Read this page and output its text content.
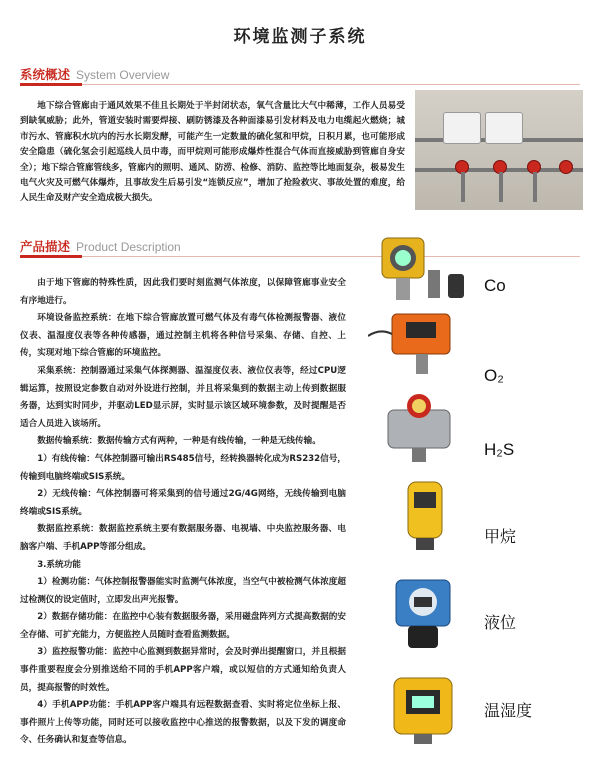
环境监测子系统
系统概述 System Overview
地下综合管廊由于通风效果不佳且长期处于半封闭状态，氧气含量比大气中稀薄，工作人员易受到缺氧威胁；此外，管道安装时需要焊接、刷防锈漆及各种面漆易引发材料及电力电缆起火燃烧；城市污水、管廊积水坑内的污水长期发酵，可能产生一定数量的硫化氢和甲烷，日积月累，也可能形成安全隐患（硫化氢会引起巡线人员中毒，而甲烷则可能形成爆炸性混合气体而直接威胁到管廊自身安全）；地下综合管廊管线多，管廊内的照明、通风、防涝、检修、消防、监控等比地面复杂，极易发生电气火灾及可燃气体爆炸，且事故发生后易引发“连锁反应”，增加了抢险救灾、事故处置的难度，给人民生命及财产安全造成极大损失。
产品描述 Product Description

由于地下管廊的特殊性质，因此我们要时刻监测气体浓度，以保障管廊事业安全有序地进行。

环境设备监控系统：在地下综合管廊放置可燃气体及有毒气体检测报警器、液位仪表、温湿度仪表等各种传感器，通过控制主机将各种信号采集、存储、自控、上传，实现对地下综合管廊的环境监控。

采集系统：控制器通过采集气体探测器、温湿度仪表、液位仪表等，经过CPU逻辑运算，按照设定参数自动对外设进行控制，并且将采集到的数据主动上传到数据服务器，达到实时同步，并驱动LED显示屏，实时显示该区域环境参数，及时提醒是否适合人员进入该场所。

数据传输系统：数据传输方式有两种，一种是有线传输，一种是无线传输。

1）有线传输：气体控制器可输出RS485信号，经转换器转化成为RS232信号，传输到电脑终端或SIS系统。

2）无线传输：气体控制器可将采集到的信号通过2G/4G网络，无线传输到电脑终端或SIS系统。

数据监控系统：数据监控系统主要有数据服务器、电视墙、中央监控服务器、电脑客户端、手机APP等部分组成。

3.系统功能

1）检测功能：气体控制报警器能实时监测气体浓度，当空气中被检测气体浓度超过检测仪的设定值时，立即发出声光报警。

2）数据存储功能：在监控中心装有数据服务器，采用磁盘阵列方式提高数据的安全存储、可扩充能力，方便监控人员随时查看监测数据。

3）监控报警功能：监控中心监测到数据异常时，会及时弹出提醒窗口，并且根据事件重要程度会分别推送给不同的手机APP客户端，或以短信的方式通知给负责人员，提高报警的时效性。

4）手机APP功能：手机APP客户端具有远程数据查看、实时将定位坐标上报、事件照片上传等功能，同时还可以接收监控中心推送的报警数据，以及下发的调度命令、任务确认和复查等信息。

Co
O₂
H₂S
甲烷
液位
温湿度
